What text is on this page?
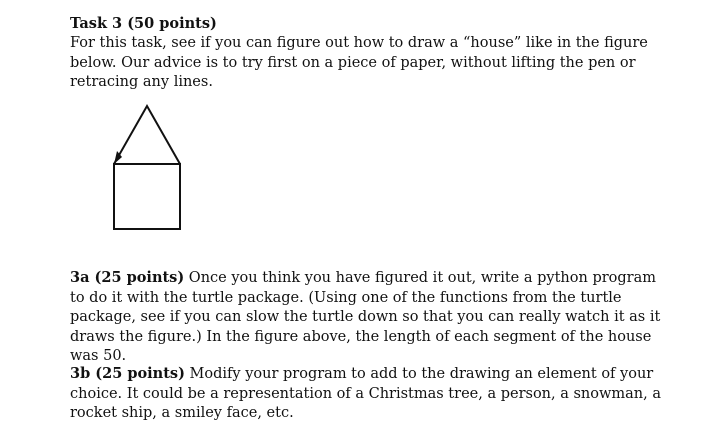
Task 3 (50 points)

For this task, see if you can figure out how to draw a “house” like in the figure below. Our advice is to try first on a piece of paper, without lifting the pen or retracing any lines.

3a (25 points) Once you think you have figured it out, write a python program to do it with the turtle package. (Using one of the functions from the turtle package, see if you can slow the turtle down so that you can really watch it as it draws the figure.) In the figure above, the length of each segment of the house was 50.

3b (25 points) Modify your program to add to the drawing an element of your choice. It could be a representation of a Christmas tree, a person, a snowman, a rocket ship, a smiley face, etc.
